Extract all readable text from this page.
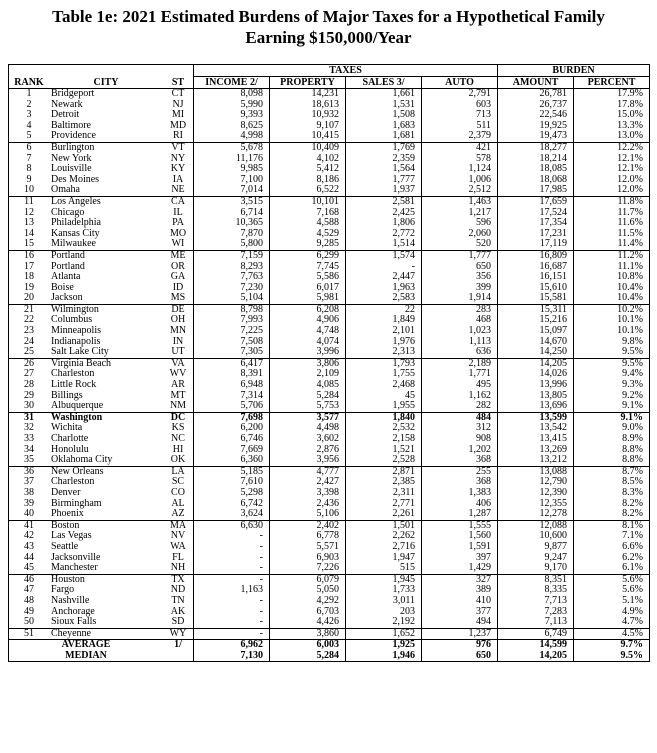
Table 1e: 2021 Estimated Burdens of Major Taxes for a Hypothetical Family
Earning $150,000/Year
			TAXES				BURDEN	
RANK	CITY	ST	INCOME 2/	PROPERTY	SALES 3/	AUTO	AMOUNT	PERCENT
1	Bridgeport	CT	8,098	14,231	1,661	2,791	26,781	17.9%
2	Newark	NJ	5,990	18,613	1,531	603	26,737	17.8%
3	Detroit	MI	9,393	10,932	1,508	713	22,546	15.0%
4	Baltimore	MD	8,625	9,107	1,683	511	19,925	13.3%
5	Providence	RI	4,998	10,415	1,681	2,379	19,473	13.0%
6	Burlington	VT	5,678	10,409	1,769	421	18,277	12.2%
7	New York	NY	11,176	4,102	2,359	578	18,214	12.1%
8	Louisville	KY	9,985	5,412	1,564	1,124	18,085	12.1%
9	Des Moines	IA	7,100	8,186	1,777	1,006	18,068	12.0%
10	Omaha	NE	7,014	6,522	1,937	2,512	17,985	12.0%
11	Los Angeles	CA	3,515	10,101	2,581	1,463	17,659	11.8%
12	Chicago	IL	6,714	7,168	2,425	1,217	17,524	11.7%
13	Philadelphia	PA	10,365	4,588	1,806	596	17,354	11.6%
14	Kansas City	MO	7,870	4,529	2,772	2,060	17,231	11.5%
15	Milwaukee	WI	5,800	9,285	1,514	520	17,119	11.4%
16	Portland	ME	7,159	6,299	1,574	1,777	16,809	11.2%
17	Portland	OR	8,293	7,745	-	650	16,687	11.1%
18	Atlanta	GA	7,763	5,586	2,447	356	16,151	10.8%
19	Boise	ID	7,230	6,017	1,963	399	15,610	10.4%
20	Jackson	MS	5,104	5,981	2,583	1,914	15,581	10.4%
21	Wilmington	DE	8,798	6,208	22	283	15,311	10.2%
22	Columbus	OH	7,993	4,906	1,849	468	15,216	10.1%
23	Minneapolis	MN	7,225	4,748	2,101	1,023	15,097	10.1%
24	Indianapolis	IN	7,508	4,074	1,976	1,113	14,670	9.8%
25	Salt Lake City	UT	7,305	3,996	2,313	636	14,250	9.5%
26	Virginia Beach	VA	6,417	3,806	1,793	2,189	14,205	9.5%
27	Charleston	WV	8,391	2,109	1,755	1,771	14,026	9.4%
28	Little Rock	AR	6,948	4,085	2,468	495	13,996	9.3%
29	Billings	MT	7,314	5,284	45	1,162	13,805	9.2%
30	Albuquerque	NM	5,706	5,753	1,955	282	13,696	9.1%
31	Washington	DC	7,698	3,577	1,840	484	13,599	9.1%
32	Wichita	KS	6,200	4,498	2,532	312	13,542	9.0%
33	Charlotte	NC	6,746	3,602	2,158	908	13,415	8.9%
34	Honolulu	HI	7,669	2,876	1,521	1,202	13,269	8.8%
35	Oklahoma City	OK	6,360	3,956	2,528	368	13,212	8.8%
36	New Orleans	LA	5,185	4,777	2,871	255	13,088	8.7%
37	Charleston	SC	7,610	2,427	2,385	368	12,790	8.5%
38	Denver	CO	5,298	3,398	2,311	1,383	12,390	8.3%
39	Birmingham	AL	6,742	2,436	2,771	406	12,355	8.2%
40	Phoenix	AZ	3,624	5,106	2,261	1,287	12,278	8.2%
41	Boston	MA	6,630	2,402	1,501	1,555	12,088	8.1%
42	Las Vegas	NV	-	6,778	2,262	1,560	10,600	7.1%
43	Seattle	WA	-	5,571	2,716	1,591	9,877	6.6%
44	Jacksonville	FL	-	6,903	1,947	397	9,247	6.2%
45	Manchester	NH	-	7,226	515	1,429	9,170	6.1%
46	Houston	TX	-	6,079	1,945	327	8,351	5.6%
47	Fargo	ND	1,163	5,050	1,733	389	8,335	5.6%
48	Nashville	TN	-	4,292	3,011	410	7,713	5.1%
49	Anchorage	AK	-	6,703	203	377	7,283	4.9%
50	Sioux Falls	SD	-	4,426	2,192	494	7,113	4.7%
51	Cheyenne	WY	-	3,860	1,652	1,237	6,749	4.5%
AVERAGE		1/	6,962	6,003	1,925	976	14,599	9.7%
MEDIAN			7,130	5,284	1,946	650	14,205	9.5%
